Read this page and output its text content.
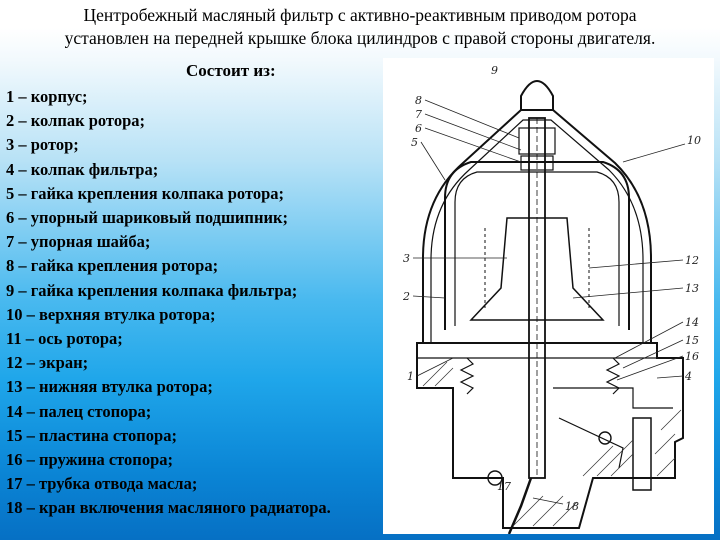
Центробежный масляный фильтр с активно-реактивным приводом ротора
установлен на передней крышке блока цилиндров с правой стороны двигателя.
Состоит из:
1 – корпус;
2 – колпак ротора;
3 – ротор;
4 – колпак фильтра;
5 – гайка крепления колпака ротора;
6 – упорный шариковый подшипник;
7 – упорная шайба;
8 – гайка крепления ротора;
9 – гайка крепления колпака фильтра;
10 – верхняя втулка ротора;
11 – ось ротора;
12 – экран;
13 – нижняя втулка ротора;
14 – палец стопора;
15 – пластина стопора;
16 – пружина стопора;
17 – трубка отвода масла;
18 – кран включения масляного радиатора.
9
8
7
6
5	10
3
2
12
13
14
15
16
1	4
17
18
